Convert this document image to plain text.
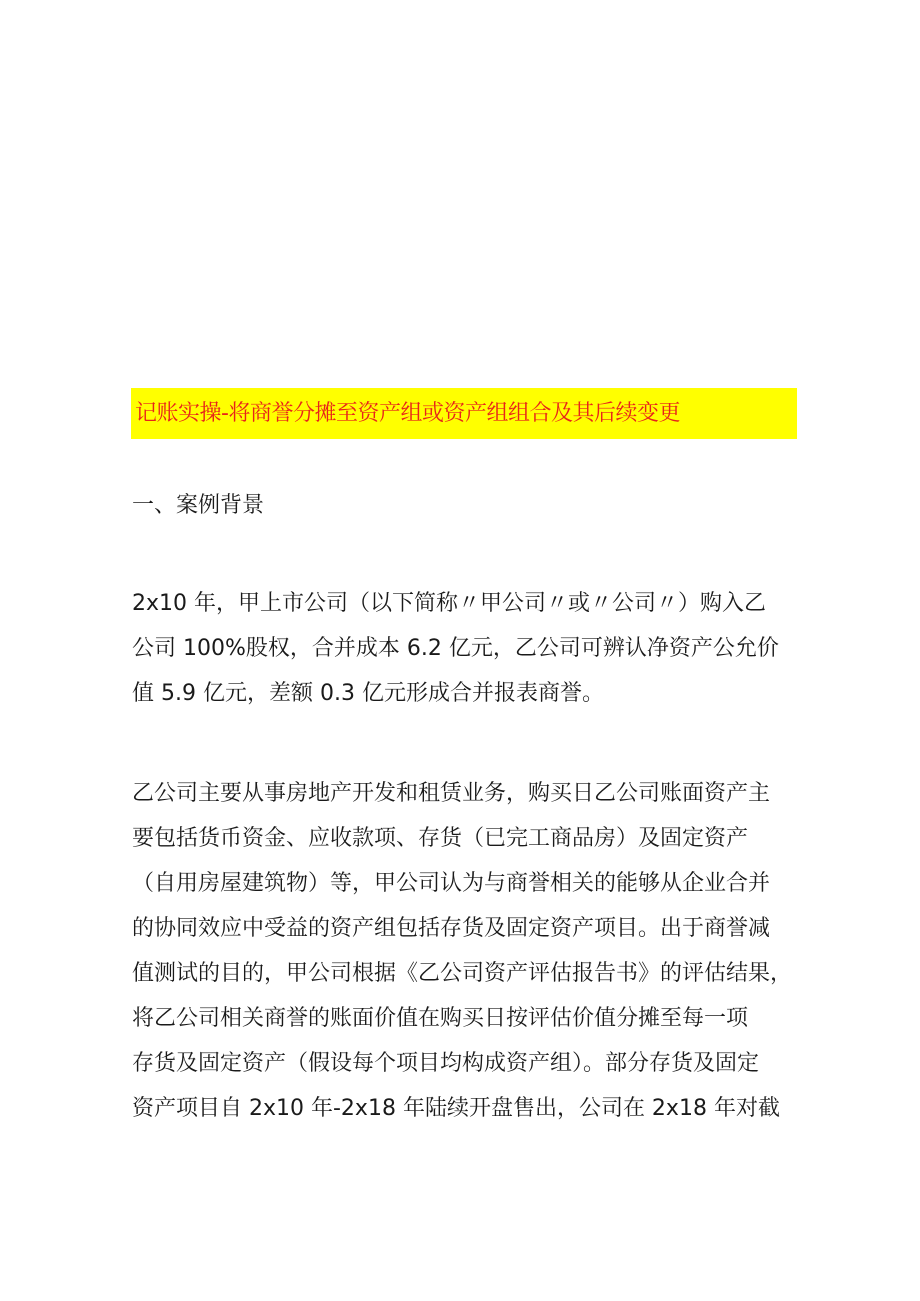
记账实操-将商誉分摊至资产组或资产组组合及其后续变更
一、案例背景
2x10 年，甲上市公司（以下简称〃甲公司〃或〃公司〃）购入乙
公司 100%股权，合并成本 6.2 亿元，乙公司可辨认净资产公允价
值 5.9 亿元，差额 0.3 亿元形成合并报表商誉。
乙公司主要从事房地产开发和租赁业务，购买日乙公司账面资产主
要包括货币资金、应收款项、存货（已完工商品房）及固定资产
（自用房屋建筑物）等，甲公司认为与商誉相关的能够从企业合并
的协同效应中受益的资产组包括存货及固定资产项目。出于商誉减
值测试的目的，甲公司根据《乙公司资产评估报告书》的评估结果，
将乙公司相关商誉的账面价值在购买日按评估价值分摊至每一项
存货及固定资产（假设每个项目均构成资产组）。部分存货及固定
资产项目自 2x10 年-2x18 年陆续开盘售出，公司在 2x18 年对截
